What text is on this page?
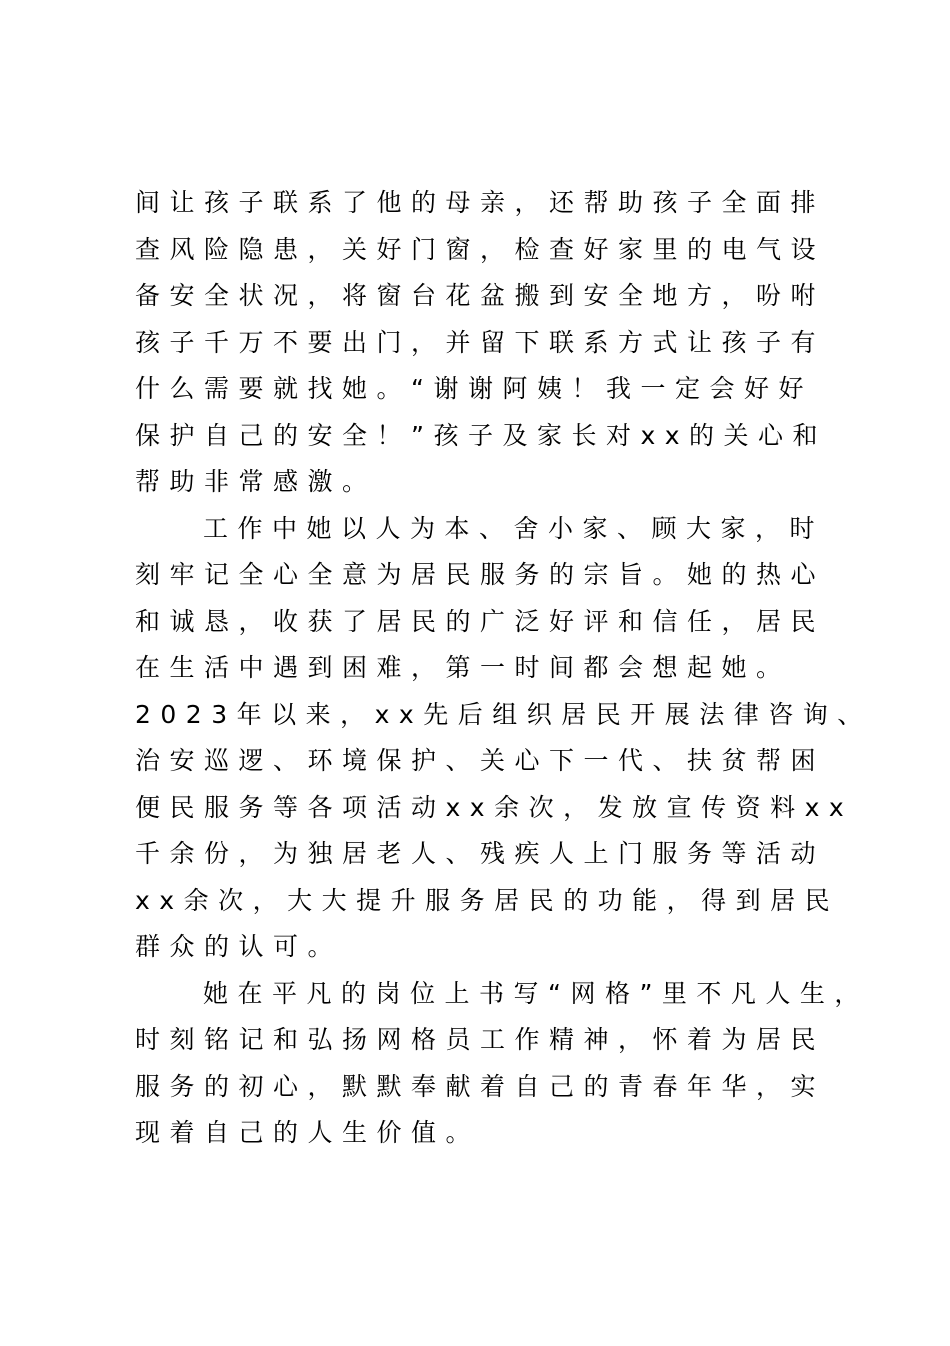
间让孩子联系了他的母亲，还帮助孩子全面排
查风险隐患，关好门窗，检查好家里的电气设
备安全状况，将窗台花盆搬到安全地方，吩咐
孩子千万不要出门，并留下联系方式让孩子有
什么需要就找她。“谢谢阿姨！我一定会好好
保护自己的安全！”孩子及家长对xx的关心和
帮助非常感激。
工作中她以人为本、舍小家、顾大家，时
刻牢记全心全意为居民服务的宗旨。她的热心
和诚恳，收获了居民的广泛好评和信任，居民
在生活中遇到困难，第一时间都会想起她。
2023年以来，xx先后组织居民开展法律咨询、
治安巡逻、环境保护、关心下一代、扶贫帮困
便民服务等各项活动xx余次，发放宣传资料xx
千余份，为独居老人、残疾人上门服务等活动
xx余次，大大提升服务居民的功能，得到居民
群众的认可。
她在平凡的岗位上书写“网格”里不凡人生，
时刻铭记和弘扬网格员工作精神，怀着为居民
服务的初心，默默奉献着自己的青春年华，实
现着自己的人生价值。
